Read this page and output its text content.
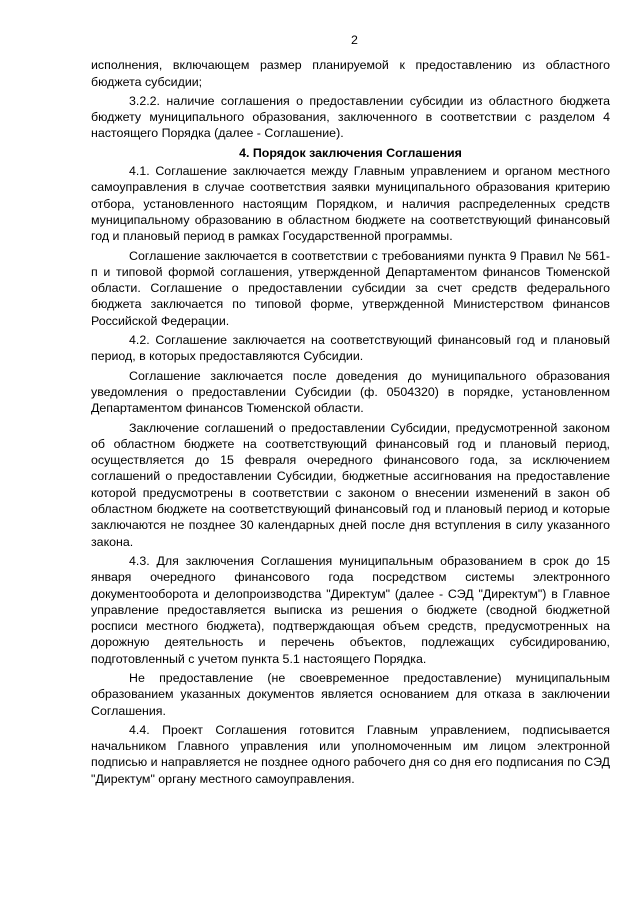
2

исполнения, включающем размер планируемой к предоставлению из областного бюджета субсидии;

3.2.2. наличие соглашения о предоставлении субсидии из областного бюджета бюджету муниципального образования, заключенного в соответствии с разделом 4 настоящего Порядка (далее - Соглашение).

4. Порядок заключения Соглашения

4.1. Соглашение заключается между Главным управлением и органом местного самоуправления в случае соответствия заявки муниципального образования критерию отбора, установленного настоящим Порядком, и наличия распределенных средств муниципальному образованию в областном бюджете на соответствующий финансовый год и плановый период в рамках Государственной программы.

Соглашение заключается в соответствии с требованиями пункта 9 Правил № 561-п и типовой формой соглашения, утвержденной Департаментом финансов Тюменской области. Соглашение о предоставлении субсидии за счет средств федерального бюджета заключается по типовой форме, утвержденной Министерством финансов Российской Федерации.

4.2. Соглашение заключается на соответствующий финансовый год и плановый период, в которых предоставляются Субсидии.

Соглашение заключается после доведения до муниципального образования уведомления о предоставлении Субсидии (ф. 0504320) в порядке, установленном Департаментом финансов Тюменской области.

Заключение соглашений о предоставлении Субсидии, предусмотренной законом об областном бюджете на соответствующий финансовый год и плановый период, осуществляется до 15 февраля очередного финансового года, за исключением соглашений о предоставлении Субсидии, бюджетные ассигнования на предоставление которой предусмотрены в соответствии с законом о внесении изменений в закон об областном бюджете на соответствующий финансовый год и плановый период и которые заключаются не позднее 30 календарных дней после дня вступления в силу указанного закона.

4.3. Для заключения Соглашения муниципальным образованием в срок до 15 января очередного финансового года посредством системы электронного документооборота и делопроизводства "Директум" (далее - СЭД "Директум") в Главное управление предоставляется выписка из решения о бюджете (сводной бюджетной росписи местного бюджета), подтверждающая объем средств, предусмотренных на дорожную деятельность и перечень объектов, подлежащих субсидированию, подготовленный с учетом пункта 5.1 настоящего Порядка.

Не предоставление (не своевременное предоставление) муниципальным образованием указанных документов является основанием для отказа в заключении Соглашения.

4.4. Проект Соглашения готовится Главным управлением, подписывается начальником Главного управления или уполномоченным им лицом электронной подписью и направляется не позднее одного рабочего дня со дня его подписания по СЭД "Директум" органу местного самоуправления.
